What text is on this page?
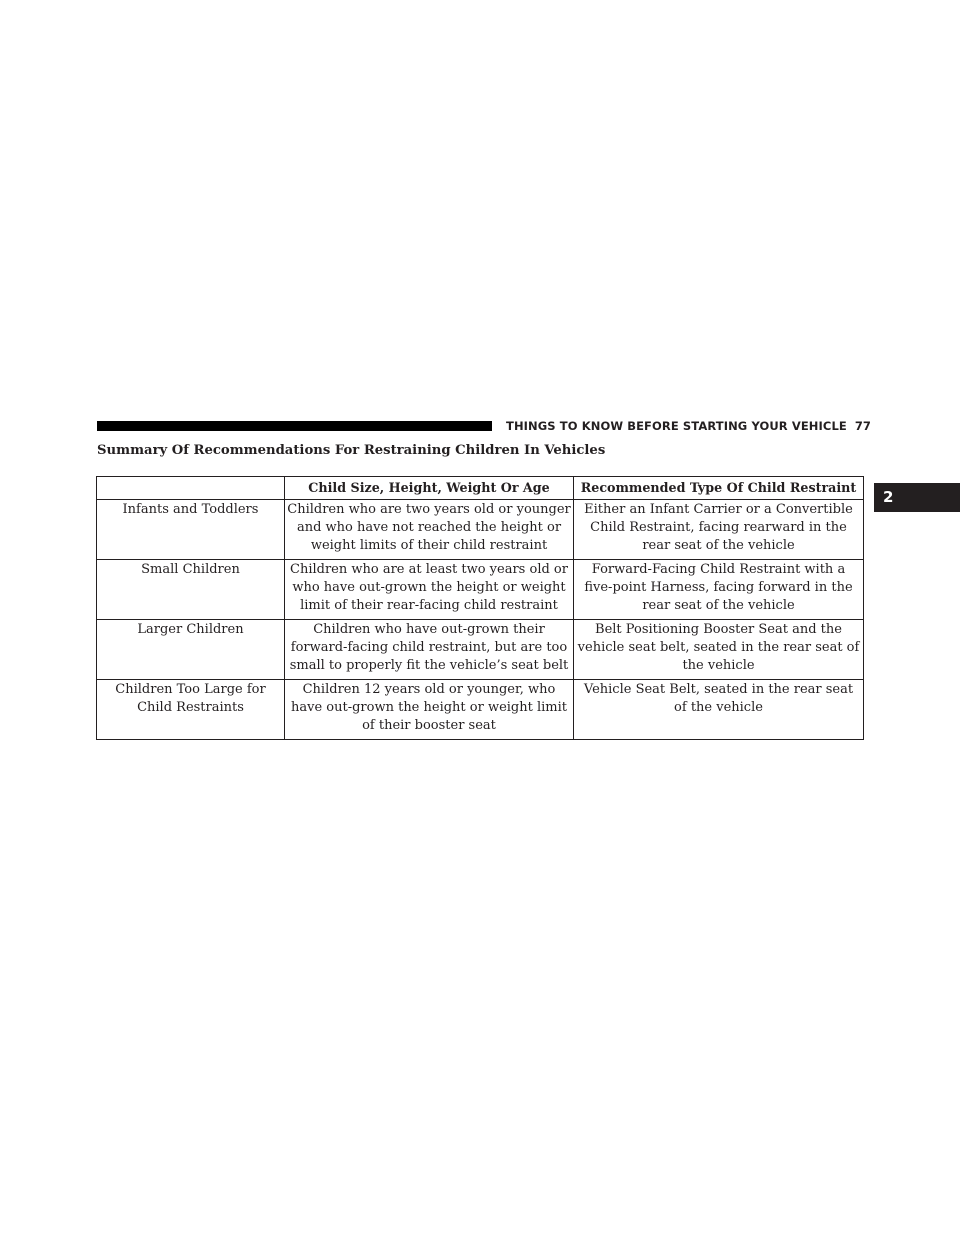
THINGS TO KNOW BEFORE STARTING YOUR VEHICLE 77
2
Summary Of Recommendations For Restraining Children In Vehicles
	Child Size, Height, Weight Or Age	Recommended Type Of Child Restraint
Infants and Toddlers	Children who are two years old or younger and who have not reached the height or weight limits of their child restraint	Either an Infant Carrier or a Convertible Child Restraint, facing rearward in the rear seat of the vehicle
Small Children	Children who are at least two years old or who have out-grown the height or weight limit of their rear-facing child restraint	Forward-Facing Child Restraint with a five-point Harness, facing forward in the rear seat of the vehicle
Larger Children	Children who have out-grown their forward-facing child restraint, but are too small to properly fit the vehicle’s seat belt	Belt Positioning Booster Seat and the vehicle seat belt, seated in the rear seat of the vehicle
Children Too Large for Child Restraints	Children 12 years old or younger, who have out-grown the height or weight limit of their booster seat	Vehicle Seat Belt, seated in the rear seat of the vehicle
